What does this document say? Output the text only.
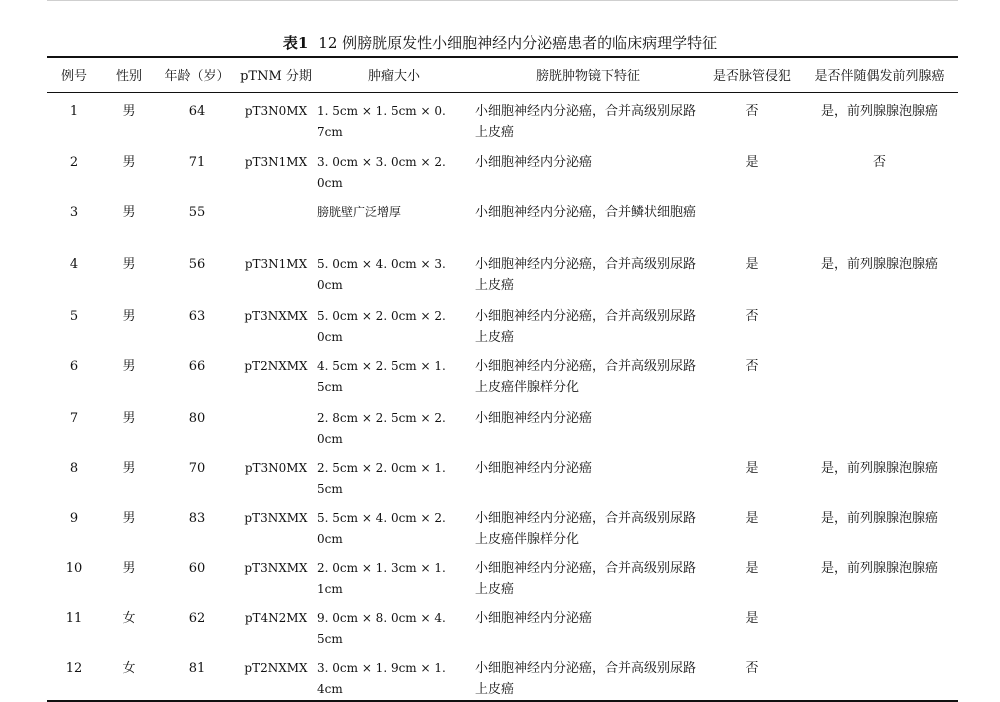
表1 12 例膀胱原发性小细胞神经内分泌癌患者的临床病理学特征
例号	性别	年龄（岁）	pTNM 分期	肿瘤大小	膀胱肿物镜下特征	是否脉管侵犯	是否伴随偶发前列腺癌
1	男	64	pT3N0MX	1. 5cm × 1. 5cm × 0. 7cm	小细胞神经内分泌癌，合并高级别尿路上皮癌	否	是，前列腺腺泡腺癌
2	男	71	pT3N1MX	3. 0cm × 3. 0cm × 2. 0cm	小细胞神经内分泌癌	是	否
3	男	55		膀胱壁广泛增厚	小细胞神经内分泌癌，合并鳞状细胞癌		
4	男	56	pT3N1MX	5. 0cm × 4. 0cm × 3. 0cm	小细胞神经内分泌癌，合并高级别尿路上皮癌	是	是，前列腺腺泡腺癌
5	男	63	pT3NXMX	5. 0cm × 2. 0cm × 2. 0cm	小细胞神经内分泌癌，合并高级别尿路上皮癌	否	
6	男	66	pT2NXMX	4. 5cm × 2. 5cm × 1. 5cm	小细胞神经内分泌癌，合并高级别尿路上皮癌伴腺样分化	否	
7	男	80		2. 8cm × 2. 5cm × 2. 0cm	小细胞神经内分泌癌		
8	男	70	pT3N0MX	2. 5cm × 2. 0cm × 1. 5cm	小细胞神经内分泌癌	是	是，前列腺腺泡腺癌
9	男	83	pT3NXMX	5. 5cm × 4. 0cm × 2. 0cm	小细胞神经内分泌癌，合并高级别尿路上皮癌伴腺样分化	是	是，前列腺腺泡腺癌
10	男	60	pT3NXMX	2. 0cm × 1. 3cm × 1. 1cm	小细胞神经内分泌癌，合并高级别尿路上皮癌	是	是，前列腺腺泡腺癌
11	女	62	pT4N2MX	9. 0cm × 8. 0cm × 4. 5cm	小细胞神经内分泌癌	是	
12	女	81	pT2NXMX	3. 0cm × 1. 9cm × 1. 4cm	小细胞神经内分泌癌，合并高级别尿路上皮癌	否	
